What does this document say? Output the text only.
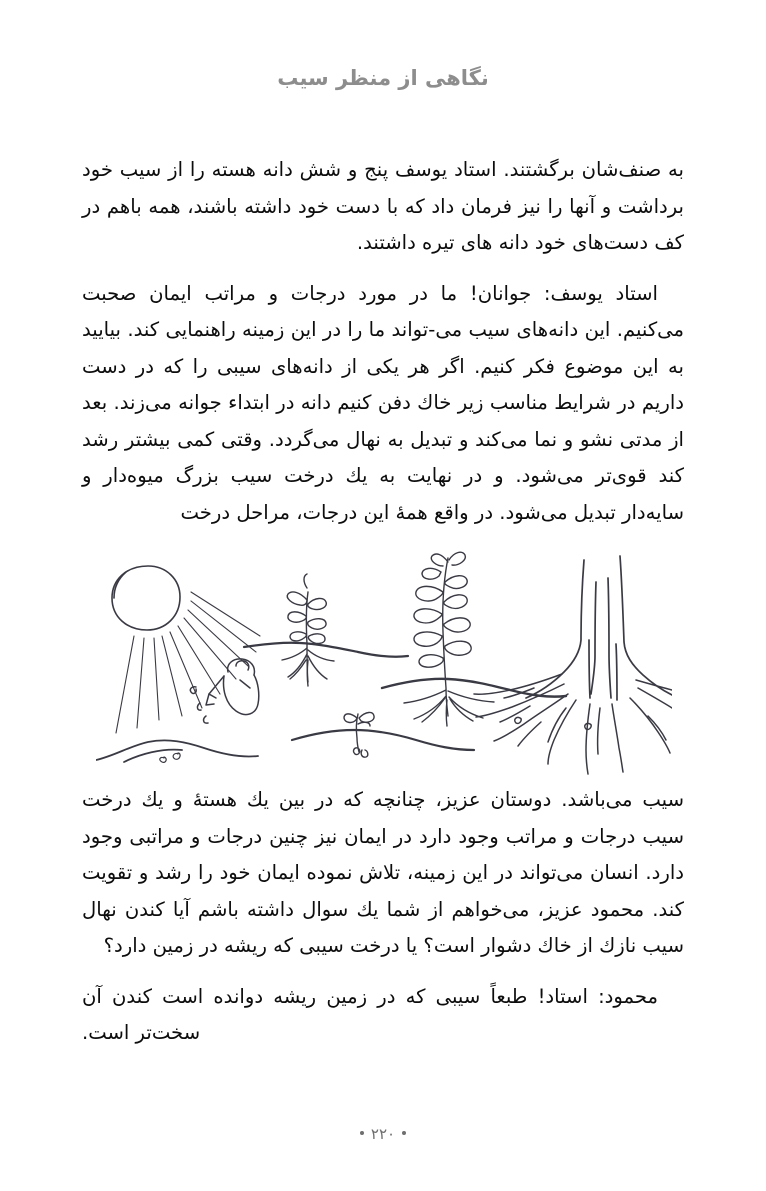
نگاهی از منظر سیب

به صنف‌شان برگشتند. استاد یوسف پنج و شش دانه هسته را از سیب خود برداشت و آنها را نیز فرمان داد که با دست خود داشته باشند، همه باهم در کف دست‌های خود دانه های تیره داشتند.

استاد یوسف: جوانان! ما در مورد درجات و مراتب ایمان صحبت می‌کنیم. این دانه‌های سیب می‌-تواند ما را در این زمینه راهنمایی کند. بیایید به این موضوع فکر کنیم. اگر هر یکی از دانه‌های سیبی را که در دست داریم در شرایط مناسب زیر خاك دفن کنیم دانه در ابتداء جوانه می‌زند. بعد از مدتی نشو و نما می‌کند و تبدیل به نهال می‌گردد. وقتی کمی بیشتر رشد کند قوی‌تر می‌شود. و در نهایت به یك درخت سیب بزرگ میوه‌دار و سایه‌دار تبدیل می‌شود. در واقع همهٔ این درجات، مراحل درخت

سیب می‌باشد. دوستان عزیز، چنانچه که در بین یك هستهٔ و یك درخت سیب درجات و مراتب وجود دارد در ایمان نیز چنین درجات و مراتبی وجود دارد. انسان می‌تواند در این زمینه، تلاش نموده ایمان خود را رشد و تقویت کند. محمود عزیز، می‌خواهم از شما یك سوال داشته باشم آیا کندن نهال سیب نازك از خاك دشوار است؟ یا درخت سیبی که ریشه در زمین دارد؟

محمود: استاد! طبعاً سیبی که در زمین ریشه دوانده است کندن آن سخت‌تر است.

۲۲۰
